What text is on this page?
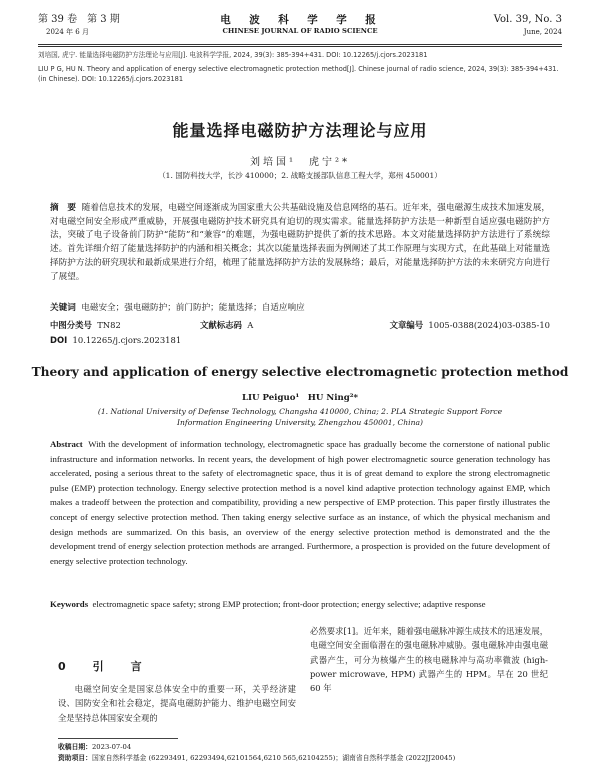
第 39 卷　第 3 期
2024 年 6 月
电　波　科　学　学　报
CHINESE JOURNAL OF RADIO SCIENCE
Vol. 39, No. 3
June, 2024
刘培国, 虎宁. 能量选择电磁防护方法理论与应用[J]. 电波科学学报, 2024, 39(3): 385-394+431. DOI: 10.12265/j.cjors.2023181
LIU P G, HU N. Theory and application of energy selective electromagnetic protection method[J]. Chinese journal of radio science, 2024, 39(3): 385-394+431. (in Chinese). DOI: 10.12265/j.cjors.2023181
能量选择电磁防护方法理论与应用
刘培国¹　虎宁²*
（1. 国防科技大学，长沙 410000；2. 战略支援部队信息工程大学，郑州 450001）
摘　要 随着信息技术的发展，电磁空间逐渐成为国家重大公共基础设施及信息网络的基石。近年来，强电磁源生成技术加速发展，对电磁空间安全形成严重威胁，开展强电磁防护技术研究具有迫切的现实需求。能量选择防护方法是一种新型自适应强电磁防护方法，突破了电子设备前门防护“能防”和“兼容”的难题，为强电磁防护提供了新的技术思路。本文对能量选择防护方法进行了系统综述。首先详细介绍了能量选择防护的内涵和相关概念；其次以能量选择表面为例阐述了其工作原理与实现方式，在此基础上对能量选择防护方法的研究现状和最新成果进行介绍，梳理了能量选择防护方法的发展脉络；最后，对能量选择防护方法的未来研究方向进行了展望。
关键词 电磁安全；强电磁防护；前门防护；能量选择；自适应响应
中图分类号 TN82	文献标志码 A	文章编号 1005-0388(2024)03-0385-10
DOI 10.12265/j.cjors.2023181
Theory and application of energy selective electromagnetic protection method
LIU Peiguo¹　HU Ning²*
(1. National University of Defense Technology, Changsha 410000, China; 2. PLA Strategic Support Force Information Engineering University, Zhengzhou 450001, China)
Abstract With the development of information technology, electromagnetic space has gradually become the cornerstone of national public infrastructure and information networks. In recent years, the development of high power electromagnetic source generation technology has accelerated, posing a serious threat to the safety of electromagnetic space, thus it is of great demand to explore the strong electromagnetic pulse (EMP) protection technology. Energy selective protection method is a novel kind adaptive protection technology against EMP, which makes a tradeoff between the protection and compatibility, providing a new perspective of EMP protection. This paper firstly illustrates the concept of energy selective protection method. Then taking energy selective surface as an instance, of which the physical mechanism and design methods are summarized. On this basis, an overview of the energy selective protection method is demonstrated and the the development trend of energy selection protection methods are arranged. Furthermore, a prospection is provided on the future development of energy selective protection technology.
Keywords electromagnetic space safety; strong EMP protection; front-door protection; energy selective; adaptive response
0　引　言
电磁空间安全是国家总体安全中的重要一环，关乎经济建设、国防安全和社会稳定，提高电磁防护能力、维护电磁空间安全是坚持总体国家安全观的
必然要求[1]。近年来，随着强电磁脉冲源生成技术的迅速发展，电磁空间安全面临潜在的强电磁脉冲威胁。强电磁脉冲由强电磁武器产生，可分为核爆产生的核电磁脉冲与高功率微波 (high-power microwave, HPM) 武器产生的 HPM。早在 20 世纪 60 年
收稿日期：2023-07-04
资助项目：国家自然科学基金 (62293491, 62293494,62101564,6210 565,62104255)；湖南省自然科学基金 (2022JJ20045)
